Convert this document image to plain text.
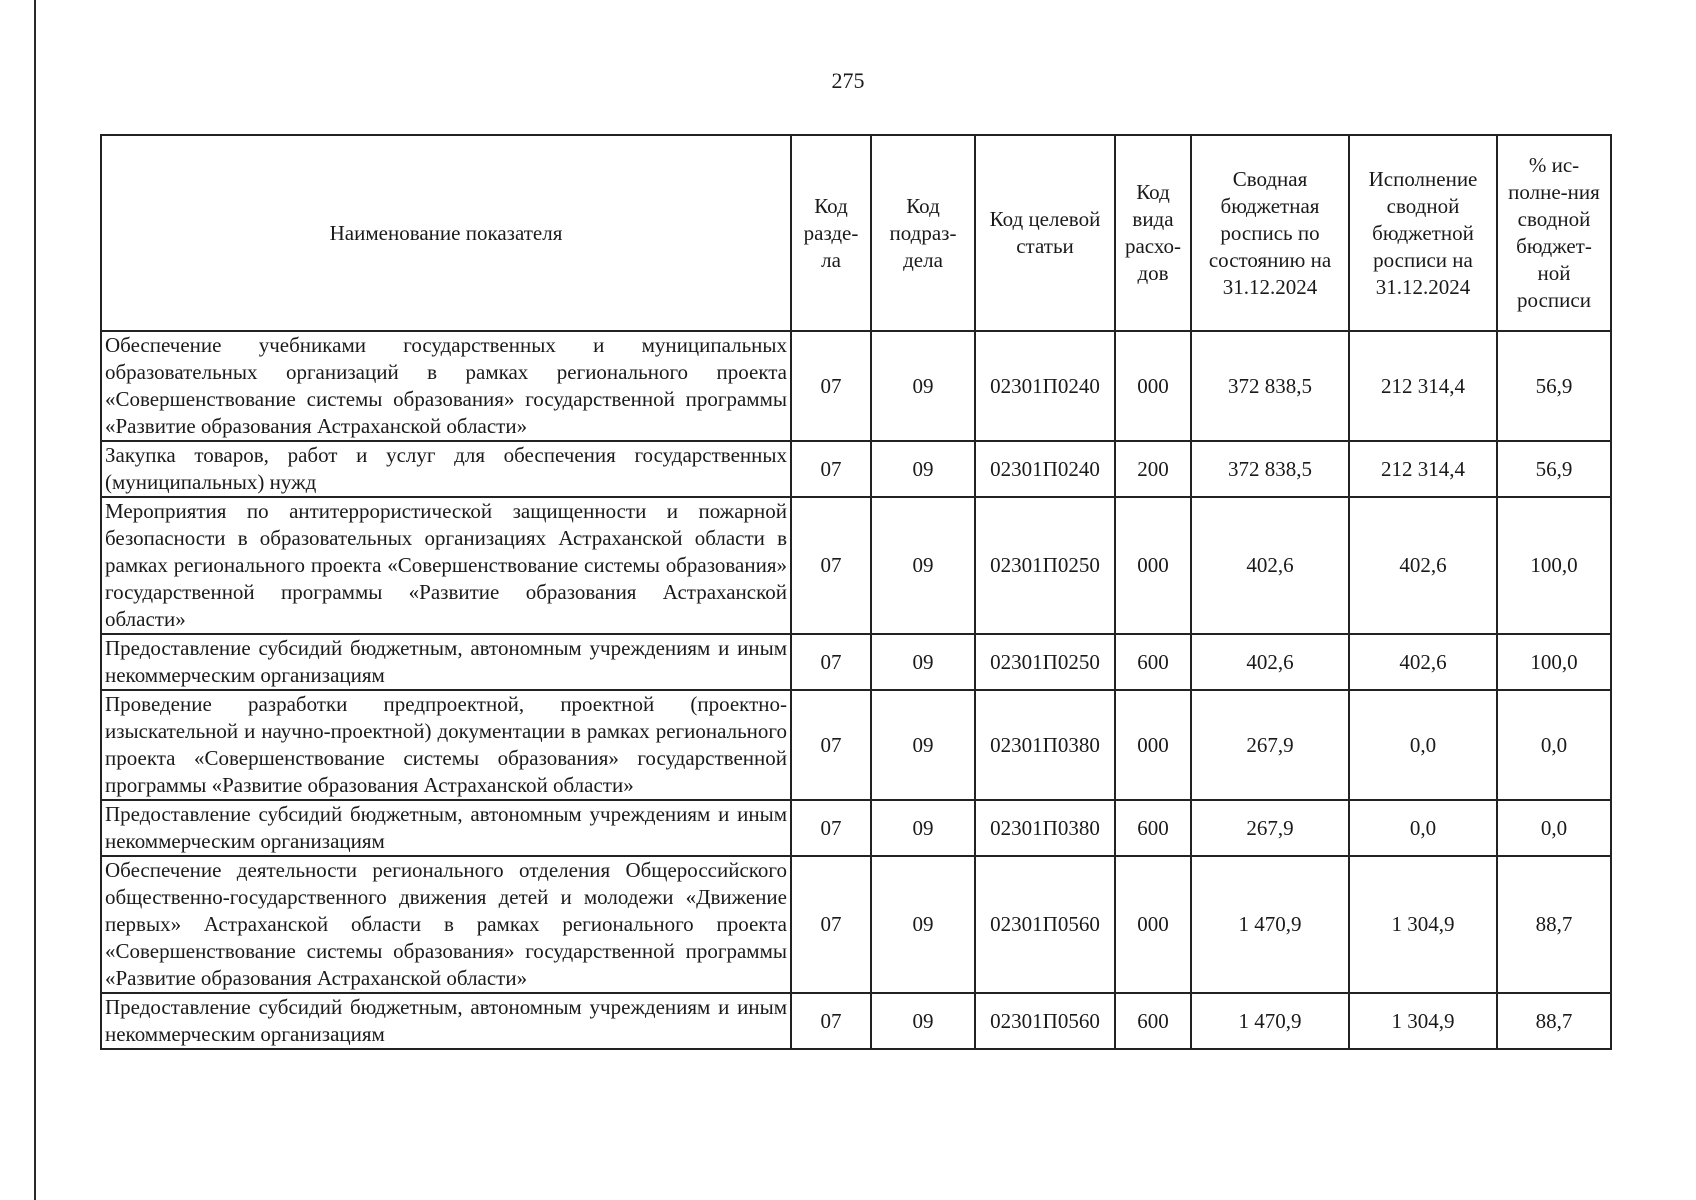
275
Наименование показателя	Код разде-ла	Код подраз-дела	Код целевой статьи	Код вида расхо-дов	Сводная бюджетная роспись по состоянию на 31.12.2024	Исполнение сводной бюджетной росписи на 31.12.2024	% ис-полне-ния сводной бюджет-ной росписи
Обеспечение учебниками государственных и муниципальных образовательных организаций в рамках регионального проекта «Совершенствование системы образования» государственной программы «Развитие образования Астраханской области»	07	09	02301П0240	000	372 838,5	212 314,4	56,9
Закупка товаров, работ и услуг для обеспечения государственных (муниципальных) нужд	07	09	02301П0240	200	372 838,5	212 314,4	56,9
Мероприятия по антитеррористической защищенности и пожарной безопасности в образовательных организациях Астраханской области в рамках регионального проекта «Совершенствование системы образования» государственной программы «Развитие образования Астраханской области»	07	09	02301П0250	000	402,6	402,6	100,0
Предоставление субсидий бюджетным, автономным учреждениям и иным некоммерческим организациям	07	09	02301П0250	600	402,6	402,6	100,0
Проведение разработки предпроектной, проектной (проектно-изыскательной и научно-проектной) документации в рамках регионального проекта «Совершенствование системы образования» государственной программы «Развитие образования Астраханской области»	07	09	02301П0380	000	267,9	0,0	0,0
Предоставление субсидий бюджетным, автономным учреждениям и иным некоммерческим организациям	07	09	02301П0380	600	267,9	0,0	0,0
Обеспечение деятельности регионального отделения Общероссийского общественно-государственного движения детей и молодежи «Движение первых» Астраханской области в рамках регионального проекта «Совершенствование системы образования» государственной программы «Развитие образования Астраханской области»	07	09	02301П0560	000	1 470,9	1 304,9	88,7
Предоставление субсидий бюджетным, автономным учреждениям и иным некоммерческим организациям	07	09	02301П0560	600	1 470,9	1 304,9	88,7
